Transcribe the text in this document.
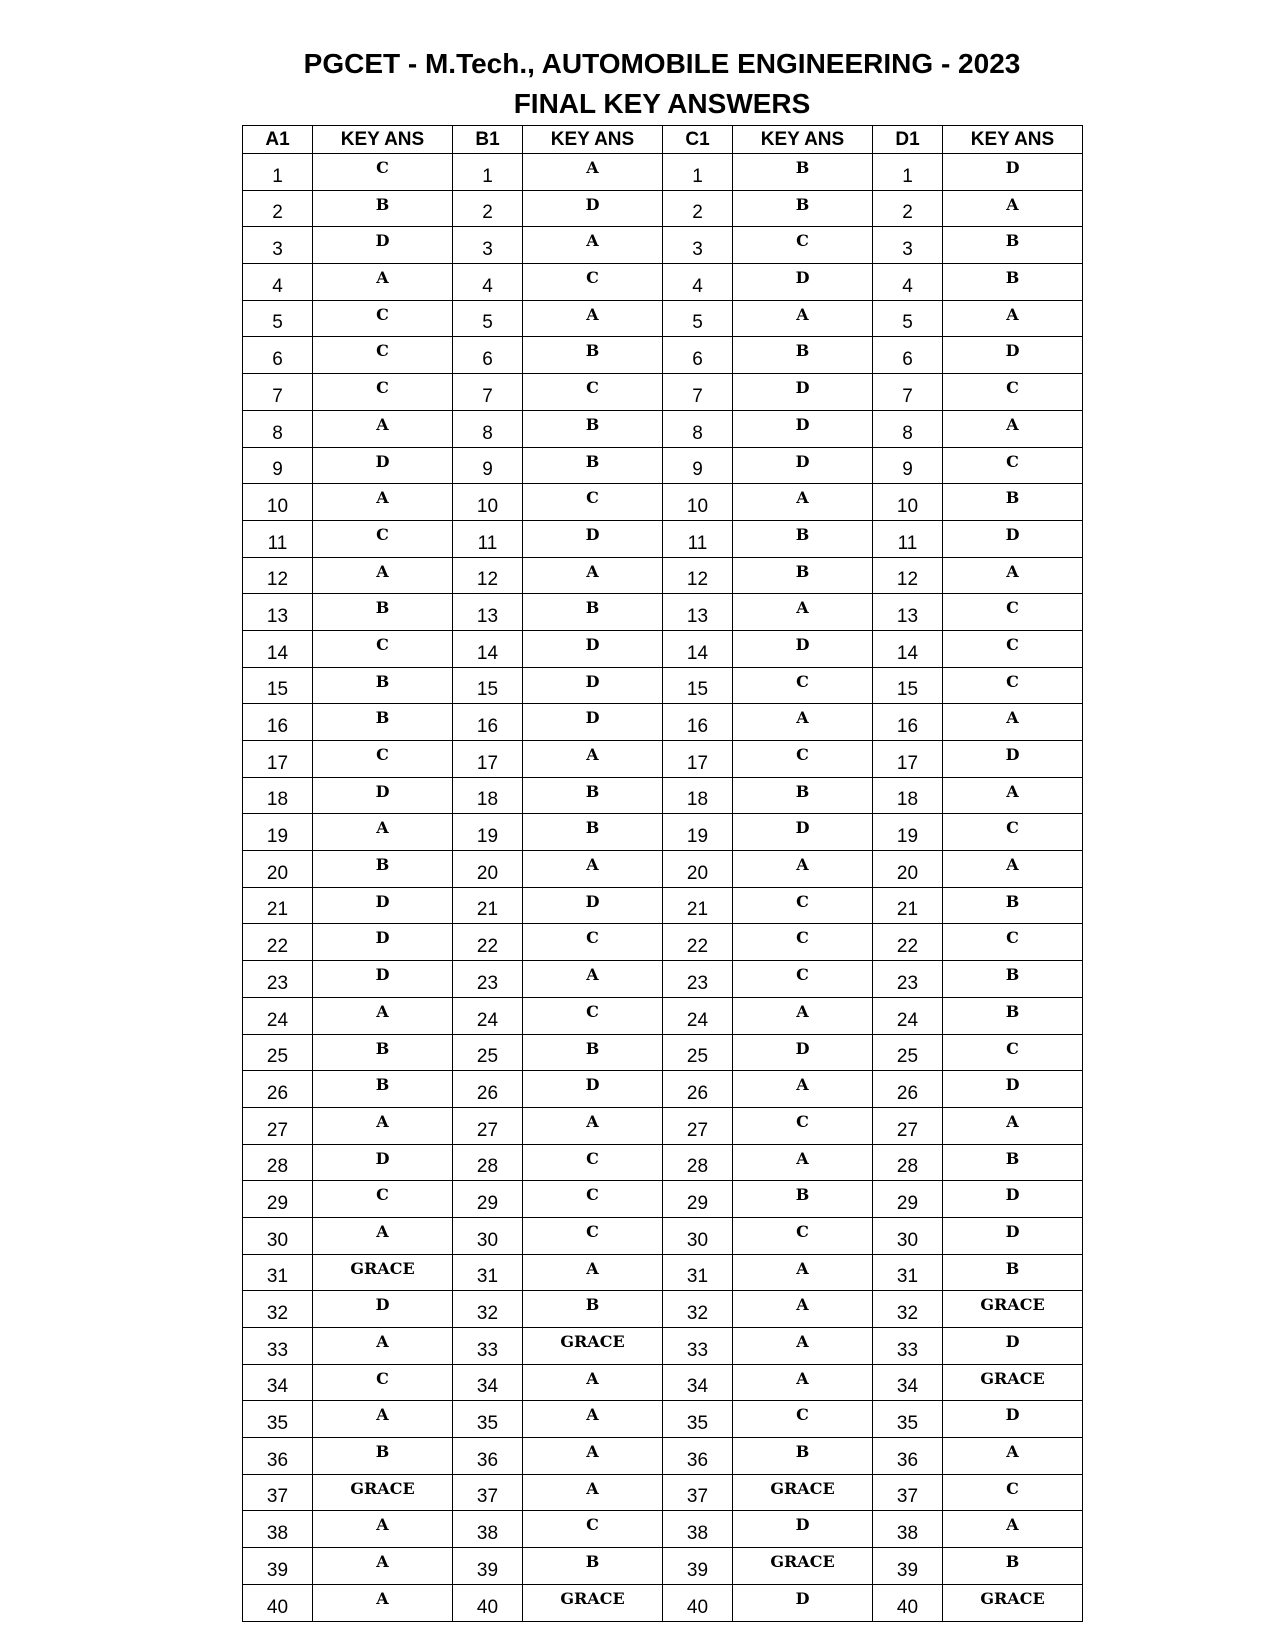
PGCET - M.Tech., AUTOMOBILE ENGINEERING - 2023
FINAL KEY ANSWERS
A1	KEY ANS	B1	KEY ANS	C1	KEY ANS	D1	KEY ANS
1	C	1	A	1	B	1	D
2	B	2	D	2	B	2	A
3	D	3	A	3	C	3	B
4	A	4	C	4	D	4	B
5	C	5	A	5	A	5	A
6	C	6	B	6	B	6	D
7	C	7	C	7	D	7	C
8	A	8	B	8	D	8	A
9	D	9	B	9	D	9	C
10	A	10	C	10	A	10	B
11	C	11	D	11	B	11	D
12	A	12	A	12	B	12	A
13	B	13	B	13	A	13	C
14	C	14	D	14	D	14	C
15	B	15	D	15	C	15	C
16	B	16	D	16	A	16	A
17	C	17	A	17	C	17	D
18	D	18	B	18	B	18	A
19	A	19	B	19	D	19	C
20	B	20	A	20	A	20	A
21	D	21	D	21	C	21	B
22	D	22	C	22	C	22	C
23	D	23	A	23	C	23	B
24	A	24	C	24	A	24	B
25	B	25	B	25	D	25	C
26	B	26	D	26	A	26	D
27	A	27	A	27	C	27	A
28	D	28	C	28	A	28	B
29	C	29	C	29	B	29	D
30	A	30	C	30	C	30	D
31	GRACE	31	A	31	A	31	B
32	D	32	B	32	A	32	GRACE
33	A	33	GRACE	33	A	33	D
34	C	34	A	34	A	34	GRACE
35	A	35	A	35	C	35	D
36	B	36	A	36	B	36	A
37	GRACE	37	A	37	GRACE	37	C
38	A	38	C	38	D	38	A
39	A	39	B	39	GRACE	39	B
40	A	40	GRACE	40	D	40	GRACE
